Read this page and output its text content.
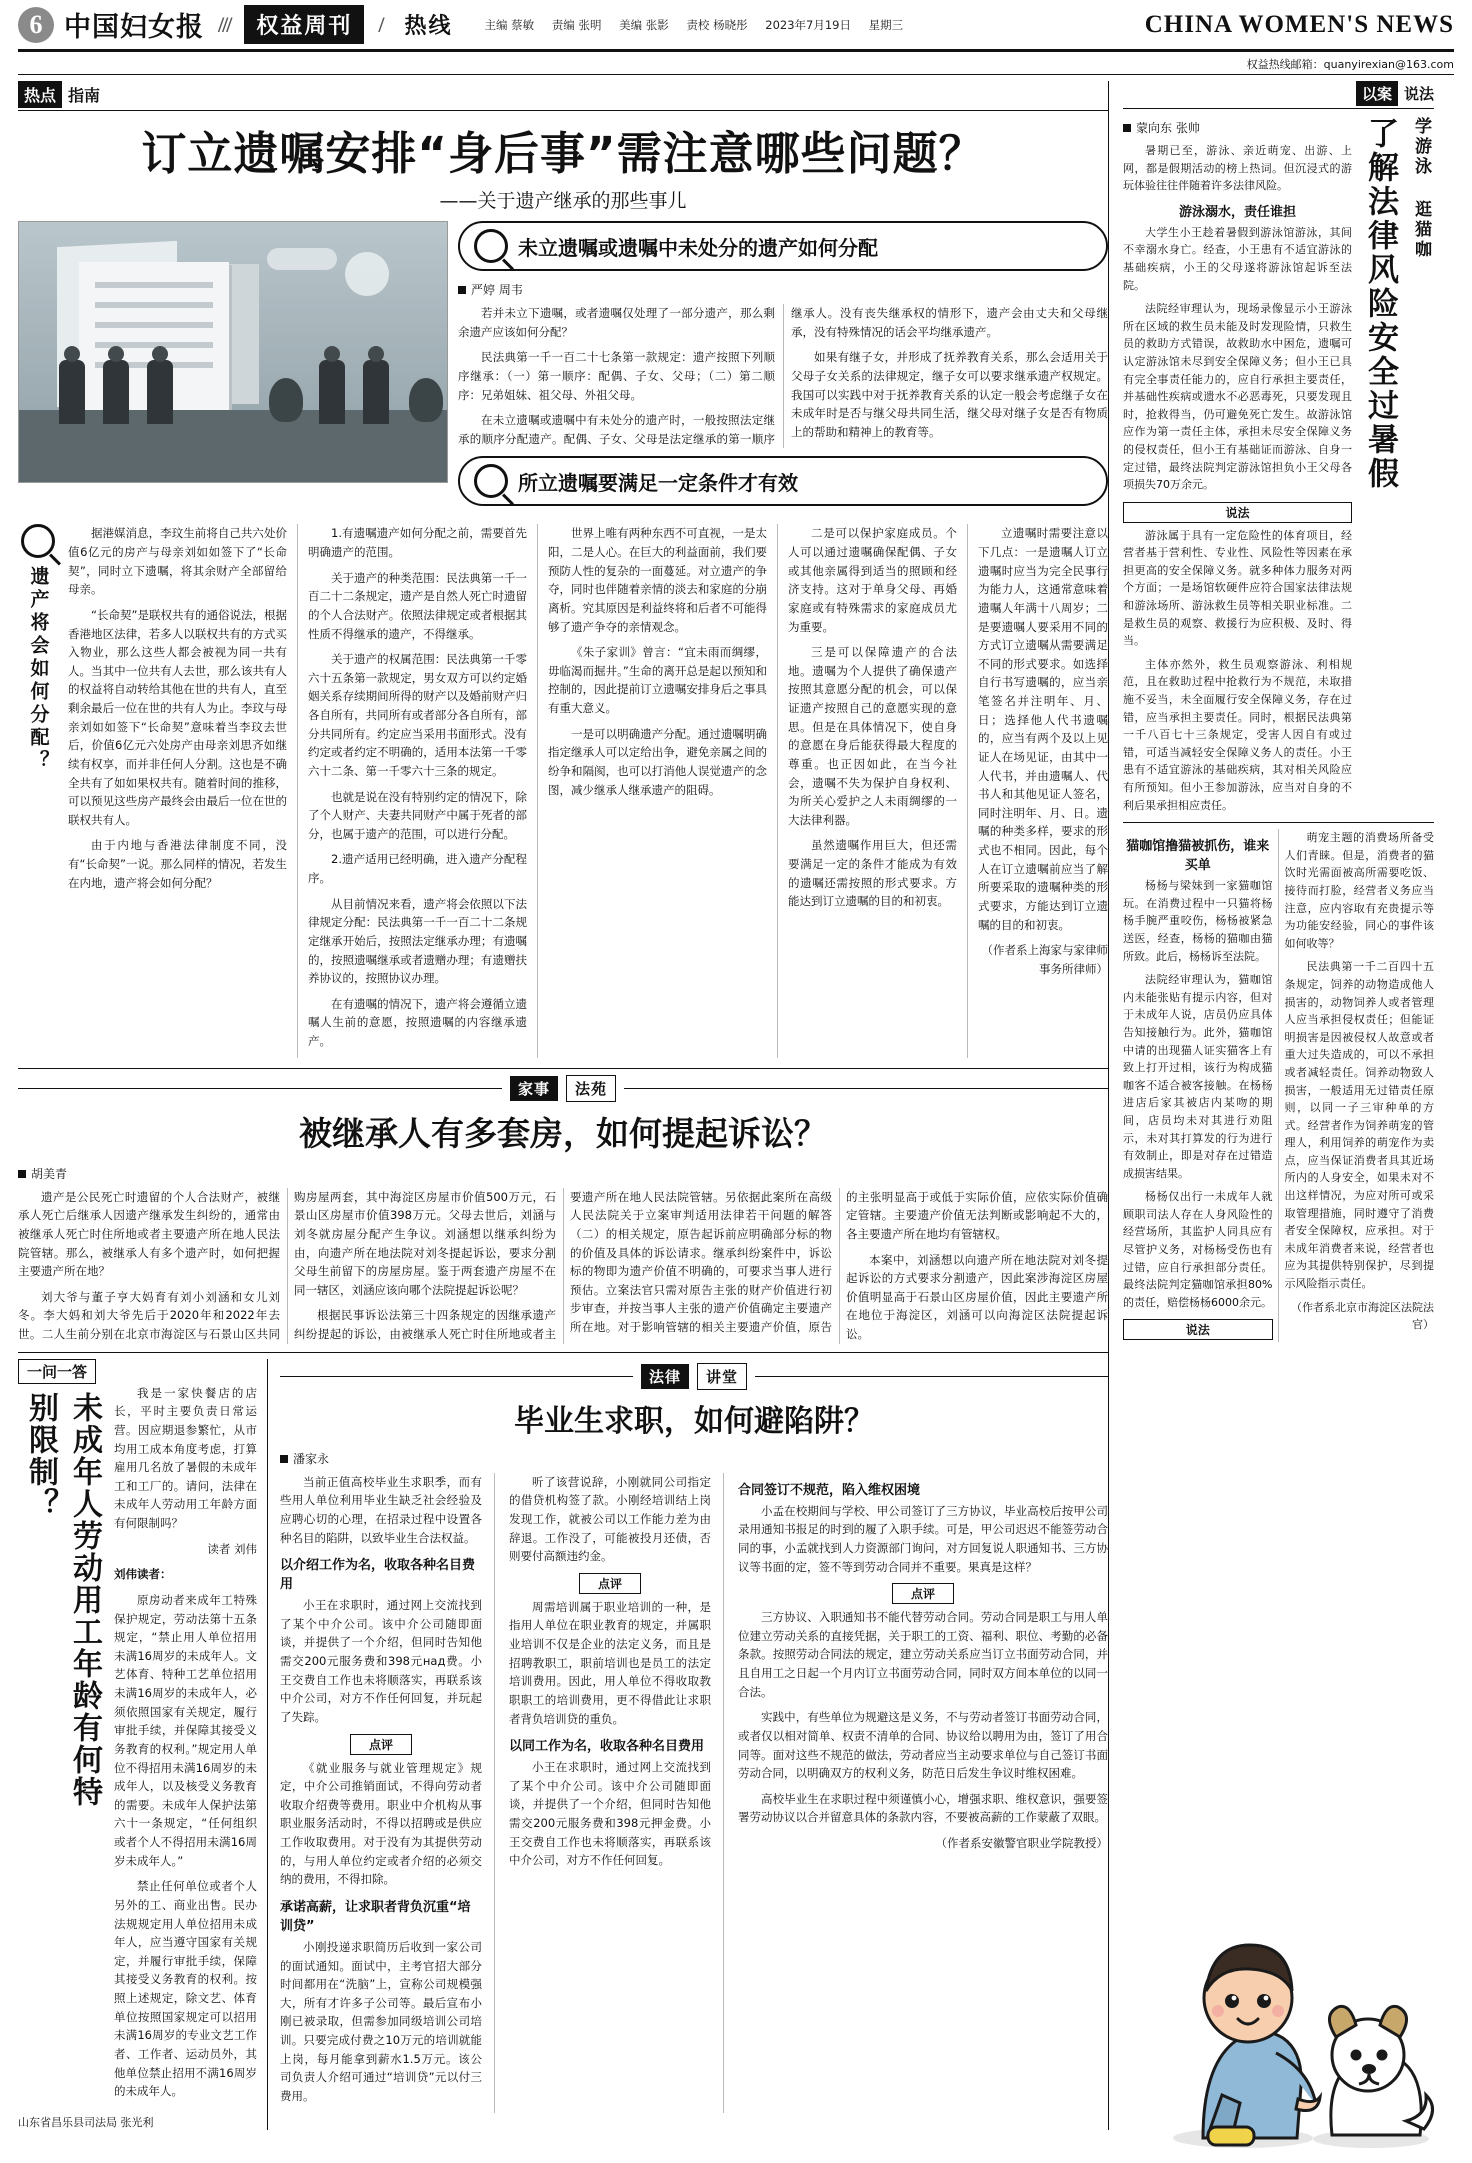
6 中国妇女报 ///	权益周刊	/	热线	主编 蔡敏 责编 张明 美编 张影 责校 杨晓彤 2023年7月19日 星期三	CHINA WOMEN'S NEWS
权益热线邮箱：quanyirexian@163.com
热点 指南
订立遗嘱安排“身后事”需注意哪些问题？
——关于遗产继承的那些事儿
未立遗嘱或遗嘱中未处分的遗产如何分配
严婷 周韦

若并未立下遗嘱，或者遗嘱仅处理了一部分遗产，那么剩余遗产应该如何分配？

民法典第一千一百二十七条第一款规定：遗产按照下列顺序继承：（一）第一顺序：配偶、子女、父母；（二）第二顺序：兄弟姐妹、祖父母、外祖父母。

在未立遗嘱或遗嘱中有未处分的遗产时，一般按照法定继承的顺序分配遗产。配偶、子女、父母是法定继承的第一顺序继承人。没有丧失继承权的情形下，遗产会由丈夫和父母继承，没有特殊情况的话会平均继承遗产。

如果有继子女，并形成了抚养教育关系，那么会适用关于父母子女关系的法律规定，继子女可以要求继承遗产权规定。我国可以实践中对于抚养教育关系的认定一般会考虑继子女在未成年时是否与继父母共同生活，继父母对继子女是否有物质上的帮助和精神上的教育等。

所立遗嘱要满足一定条件才有效
遗产将会如何分配？

据港媒消息，李玟生前将自己共六处价值6亿元的房产与母亲刘如如签下了“长命契”，同时立下遗嘱，将其余财产全部留给母亲。

“长命契”是联权共有的通俗说法，根据香港地区法律，若多人以联权共有的方式买入物业，那么这些人都会被视为同一共有人。当其中一位共有人去世，那么该共有人的权益将自动转给其他在世的共有人，直至剩余最后一位在世的共有人为止。李玟与母亲刘如如签下“长命契”意味着当李玟去世后，价值6亿元六处房产由母亲刘思齐如继续有权享，而并非任何人分割。这也是不确全共有了如如果权共有。随着时间的推移，可以预见这些房产最终会由最后一位在世的联权共有人。

由于内地与香港法律制度不同，没有“长命契”一说。那么同样的情况，若发生在内地，遗产将会如何分配？

1.有遗嘱遗产如何分配之前，需要首先明确遗产的范围。

关于遗产的种类范围：民法典第一千一百二十二条规定，遗产是自然人死亡时遗留的个人合法财产。依照法律规定或者根据其性质不得继承的遗产，不得继承。

关于遗产的权属范围：民法典第一千零六十五条第一款规定，男女双方可以约定婚姻关系存续期间所得的财产以及婚前财产归各自所有，共同所有或者部分各自所有，部分共同所有。约定应当采用书面形式。没有约定或者约定不明确的，适用本法第一千零六十二条、第一千零六十三条的规定。

也就是说在没有特别约定的情况下，除了个人财产、夫妻共同财产中属于死者的部分，也属于遗产的范围，可以进行分配。

2.遗产适用已经明确，进入遗产分配程序。

从目前情况来看，遗产将会依照以下法律规定分配：民法典第一千一百二十二条规定继承开始后，按照法定继承办理；有遗嘱的，按照遗嘱继承或者遗赠办理；有遗赠扶养协议的，按照协议办理。

在有遗嘱的情况下，遗产将会遵循立遗嘱人生前的意愿，按照遗嘱的内容继承遗产。

世界上唯有两种东西不可直视，一是太阳，二是人心。在巨大的利益面前，我们要预防人性的复杂的一面蔓延。对立遗产的争夺，同时也伴随着亲情的淡去和家庭的分崩离析。究其原因是利益终将和后者不可能得够了遗产争夺的亲情观念。

《朱子家训》曾言：“宜未雨而绸缪，毋临渴而掘井。”生命的离开总是起以预知和控制的，因此提前订立遗嘱安排身后之事具有重大意义。

一是可以明确遗产分配。通过遗嘱明确指定继承人可以定给出争，避免亲属之间的纷争和隔阂，也可以打消他人误觉遗产的念图，减少继承人继承遗产的阻碍。

二是可以保护家庭成员。个人可以通过遗嘱确保配偶、子女或其他亲属得到适当的照顾和经济支持。这对于单身父母、再婚家庭或有特殊需求的家庭成员尤为重要。

三是可以保障遗产的合法地。遗嘱为个人提供了确保遗产按照其意愿分配的机会，可以保证遗产按照自己的意愿实现的意思。但是在具体情况下，使自身的意愿在身后能获得最大程度的尊重。也正因如此，在当今社会，遗嘱不失为保护自身权利、为所关心爱护之人未雨绸缪的一大法律利器。

虽然遗嘱作用巨大，但还需要满足一定的条件才能成为有效的遗嘱还需按照的形式要求。方能达到订立遗嘱的目的和初衷。

立遗嘱时需要注意以下几点：一是遗嘱人订立遗嘱时应当为完全民事行为能力人，这通常意味着遗嘱人年满十八周岁；二是要遗嘱人要采用不同的方式订立遗嘱从需要满足不同的形式要求。如选择自行书写遗嘱的，应当亲笔签名并注明年、月、日；选择他人代书遗嘱的，应当有两个及以上见证人在场见证，由其中一人代书，并由遗嘱人、代书人和其他见证人签名，同时注明年、月、日。遗嘱的种类多样，要求的形式也不相同。因此，每个人在订立遗嘱前应当了解所要采取的遗嘱种类的形式要求，方能达到订立遗嘱的目的和初衷。

（作者系上海家与家律师事务所律师）

家事	法苑
被继承人有多套房，如何提起诉讼？
胡美青

遗产是公民死亡时遗留的个人合法财产，被继承人死亡后继承人因遗产继承发生纠纷的，通常由被继承人死亡时住所地或者主要遗产所在地人民法院管辖。那么，被继承人有多个遗产时，如何把握主要遗产所在地？

刘大爷与董子亨大妈育有刘小刘涵和女儿刘冬。李大妈和刘大爷先后于2020年和2022年去世。二人生前分别在北京市海淀区与石景山区共同购房屋两套，其中海淀区房屋市价值500万元，石景山区房屋市价值398万元。父母去世后，刘涵与刘冬就房屋分配产生争议。刘涵想以继承纠纷为由，向遗产所在地法院对刘冬提起诉讼，要求分割父母生前留下的房屋房屋。鉴于两套遗产房屋不在同一辖区，刘涵应该向哪个法院提起诉讼呢？

根据民事诉讼法第三十四条规定的因继承遗产纠纷提起的诉讼，由被继承人死亡时住所地或者主要遗产所在地人民法院管辖。另依据此案所在高级人民法院关于立案审判适用法律若干问题的解答（二）的相关规定，原告起诉前应明确部分标的物的价值及具体的诉讼请求。继承纠纷案件中，诉讼标的物即为遗产价值不明确的，可要求当事人进行预估。立案法官只需对原告主张的财产价值进行初步审查，并按当事人主张的遗产价值确定主要遗产所在地。对于影响管辖的相关主要遗产价值，原告的主张明显高于或低于实际价值，应依实际价值确定管辖。主要遗产价值无法判断或影响起不大的，各主要遗产所在地均有管辖权。

本案中，刘涵想以向遗产所在地法院对刘冬提起诉讼的方式要求分割遗产，因此案涉海淀区房屋价值明显高于石景山区房屋价值，因此主要遗产所在地位于海淀区，刘涵可以向海淀区法院提起诉讼。

一问一答
未成年人劳动用工年龄有何特别限制？	我是一家快餐店的店长，平时主要负责日常运营。因应期退参繁忙，从市均用工成本角度考虑，打算雇用几名放了暑假的未成年工和工厂的。请问，法律在未成年人劳动用工年龄方面有何限制吗？

读者 刘伟

刘伟读者：

原房动者来成年工特殊保护规定，劳动法第十五条规定，“禁止用人单位招用未满16周岁的未成年人。文艺体育、特种工艺单位招用未满16周岁的未成年人，必须依照国家有关规定，履行审批手续，并保障其接受义务教育的权利。”规定用人单位不得招用未满16周岁的未成年人，以及核受义务教育的需要。未成年人保护法第六十一条规定，“任何组织或者个人不得招用未满16周岁未成年人。”

禁止任何单位或者个人另外的工、商业出售。民办法规规定用人单位招用未成年人，应当遵守国家有关规定，并履行审批手续，保障其接受义务教育的权利。按照上述规定，除文艺、体育单位按照国家规定可以招用未满16周岁的专业文艺工作者、工作者、运动员外，其他单位禁止招用不满16周岁的未成年人。

山东省昌乐县司法局 张光利
法律	讲堂
毕业生求职，如何避陷阱？
潘家永

当前正值高校毕业生求职季，而有些用人单位利用毕业生缺乏社会经验及应聘心切的心理，在招录过程中设置各种名目的陷阱，以致毕业生合法权益。

以介绍工作为名，收取各种名目费用

小王在求职时，通过网上交流找到了某个中介公司。该中介公司随即面谈，并提供了一个介绍，但同时告知他需交200元服务费和398元над费。小王交费自工作也未将顺落实，再联系该中介公司，对方不作任何回复，并玩起了失踪。

点评

《就业服务与就业管理规定》规定，中介公司推销面试，不得向劳动者收取介绍费等费用。职业中介机构从事职业服务活动时，不得以招聘或是供应工作收取费用。对于没有为其提供劳动的，与用人单位约定或者介绍的必须交纳的费用，不得扣除。

承诺高薪，让求职者背负沉重“培训贷”

小刚投递求职简历后收到一家公司的面试通知。面试中，主考官招大部分时间都用在“洗脑”上，宣称公司规模强大，所有才许多子公司等。最后宣布小刚已被录取，但需参加同级培训公司培训。只要完成付费之10万元的培训就能上岗，每月能拿到薪水1.5万元。该公司负责人介绍可通过“培训贷”元以付三费用。

听了该营说辞，小刚就同公司指定的借贷机构签了款。小刚经培训结上岗发现工作，就被公司以工作能力差为由辞退。工作没了，可能被投月还债，否则要付高额违约金。

点评

周需培训属于职业培训的一种，是指用人单位在职业教育的规定，并属职业培训不仅是企业的法定义务，而且是招聘教职工，职前培训也是员工的法定培训费用。因此，用人单位不得收取教职职工的培训费用，更不得借此让求职者背负培训贷的重负。

以同工作为名，收取各种名目费用

小王在求职时，通过网上交流找到了某个中介公司。该中介公司随即面谈，并提供了一个介绍，但同时告知他需交200元服务费和398元押金费。小王交费自工作也未将顺落实，再联系该中介公司，对方不作任何回复。

合同签订不规范，陷入维权困境

小孟在校期间与学校、甲公司签订了三方协议，毕业高校后按甲公司录用通知书报足的时到的履了入职手续。可是，甲公司迟迟不能签劳动合同的事，小孟就找到人力资源部门询问，对方回复说人职通知书、三方协议等书面的定，签不等到劳动合同并不重要。果真是这样？

点评

三方协议、入职通知书不能代替劳动合同。劳动合同是职工与用人单位建立劳动关系的直接凭据，关于职工的工资、福利、职位、考勤的必备条款。按照劳动合同法的规定，建立劳动关系应当订立书面劳动合同，并且自用工之日起一个月内订立书面劳动合同，同时双方间本单位的以同一合法。

实践中，有些单位为规避这是义务，不与劳动者签订书面劳动合同，或者仅以相对简单、权责不清单的合同、协议给以聘用为由，签订了用合同等。面对这些不规范的做法，劳动者应当主动要求单位与自己签订书面劳动合同，以明确双方的权利义务，防范日后发生争议时维权困难。

高校毕业生在求职过程中须谨慎小心，增强求职、维权意识，强要签署劳动协议以合并留意具体的条款内容，不要被高薪的工作蒙蔽了双眼。

（作者系安徽警官职业学院教授）

以案 说法
学游泳 逛猫咖
了解法律风险安全过暑假
蒙向东 张帅

暑期已至，游泳、亲近萌宠、出游、上网，都是假期活动的榜上热词。但沉浸式的游玩体验往往伴随着许多法律风险。

游泳溺水，责任谁担

大学生小王趁着暑假到游泳馆游泳，其间不幸溺水身亡。经查，小王患有不适宜游泳的基础疾病，小王的父母遂将游泳馆起诉至法院。

法院经审理认为，现场录像显示小王游泳所在区域的救生员未能及时发现险情，只救生员的救助方式错误，故救助水中困危，遗嘱可认定游泳馆未尽到安全保障义务；但小王已具有完全事责任能力的，应自行承担主要责任，并基础性疾病或遗水不必恶毒死，只要发现且时，抢救得当，仍可避免死亡发生。故游泳馆应作为第一责任主体，承担未尽安全保障义务的侵权责任，但小王有基础证而游泳、自身一定过错，最终法院判定游泳馆担负小王父母各项损失70万余元。

说法

游泳属于具有一定危险性的体育项目，经营者基于营利性、专业性、风险性等因素在承担更高的安全保障义务。就多种体力服务对两个方面；一是场馆软硬件应符合国家法律法规和游泳场所、游泳救生员等相关职业标准。二是救生员的观察、救援行为应积极、及时、得当。

主体亦然外，救生员观察游泳、利相规范，且在救助过程中抢救行为不规范，未取措施不妥当，未全面履行安全保障义务，存在过错，应当承担主要责任。同时，根据民法典第一千八百七十三条规定，受害人因自有或过错，可适当减轻安全保障义务人的责任。小王患有不适宜游泳的基础疾病，其对相关风险应有所预知。但小王参加游泳，应当对自身的不利后果承担相应责任。

猫咖馆撸猫被抓伤，谁来买单

杨杨与梁妹到一家猫咖馆玩。在消费过程中一只猫将杨杨手腕严重咬伤，杨杨被紧急送医，经查，杨杨的猫咖由猫所致。此后，杨杨诉至法院。

法院经审理认为，猫咖馆内未能张贴有提示内容，但对于未成年人说，店员仍应具体告知接触行为。此外，猫咖馆中请的出现猫人证实猫客上有致上打开过相，该行为构成猫咖客不适合被客接触。在杨杨进店后家其被店内某吻的期间，店员均未对其进行劝阻示，未对其打算发的行为进行有效制止，即是对存在过错造成损害结果。

杨杨仅出行一未成年人就顾职司法人存在人身风险性的经营场所，其监护人同具应有尽管护义务，对杨杨受伤也有过错，应自行承担部分责任。最终法院判定猫咖馆承担80%的责任，赔偿杨杨6000余元。

说法

萌宠主题的消费场所备受人们青睐。但是，消费者的猫饮时光需面被高所需要吃饭、接待而打脸，经营者义务应当注意，应内容取有充贵提示等为功能安经验，同心的事件该如何收等？

民法典第一千二百四十五条规定，饲养的动物造成他人损害的，动物饲养人或者管理人应当承担侵权责任；但能证明损害是因被侵权人故意或者重大过失造成的，可以不承担或者减轻责任。饲养动物致人损害，一般适用无过错责任原则，以同一子三审种单的方式。经营者作为饲养萌宠的管理人，利用饲养的萌宠作为卖点，应当保证消费者具其近场所内的人身安全，如果未对不出这样情况，为应对所可或采取管理措施，同时遵守了消费者安全保障权，应承担。对于未成年消费者来说，经营者也应为其提供特别保护，尽到提示风险指示责任。

（作者系北京市海淀区法院法官）
